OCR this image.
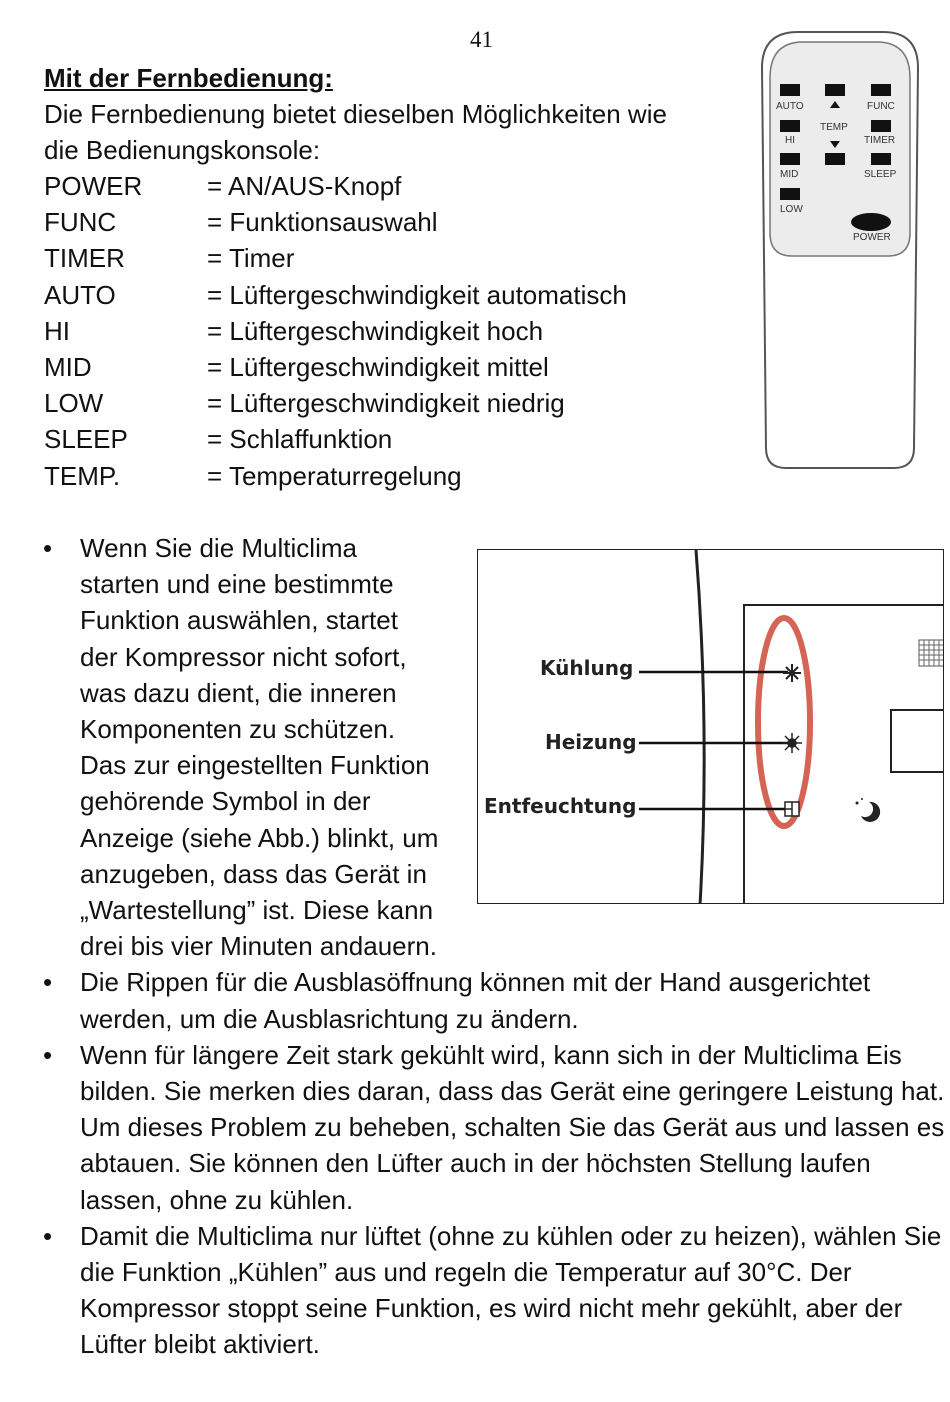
41
Mit der Fernbedienung:
Die Fernbedienung bietet dieselben Möglichkeiten wie
die Bedienungskonsole:
POWER	= AN/AUS-Knopf
FUNC	= Funktionsauswahl
TIMER	= Timer
AUTO	= Lüftergeschwindigkeit automatisch
HI	= Lüftergeschwindigkeit hoch
MID	= Lüftergeschwindigkeit mittel
LOW	= Lüftergeschwindigkeit niedrig
SLEEP	= Schlaffunktion
TEMP.	= Temperaturregelung
AUTO
HI
MID
LOW
TEMP
FUNC
TIMER
SLEEP
POWER
Kühlung
Heizung
Entfeuchtung
• Wenn Sie die Multiclima starten und eine bestimmte Funktion auswählen, startet der Kompressor nicht sofort, was dazu dient, die inneren Komponenten zu schützen. Das zur eingestellten Funktion gehörende Symbol in der Anzeige (siehe Abb.) blinkt, um anzugeben, dass das Gerät in „Wartestellung” ist. Diese kann drei bis vier Minuten andauern.
• Die Rippen für die Ausblasöffnung können mit der Hand ausgerichtet werden, um die Ausblasrichtung zu ändern.
• Wenn für längere Zeit stark gekühlt wird, kann sich in der Multiclima Eis bilden. Sie merken dies daran, dass das Gerät eine geringere Leistung hat. Um dieses Problem zu beheben, schalten Sie das Gerät aus und lassen es abtauen. Sie können den Lüfter auch in der höchsten Stellung laufen lassen, ohne zu kühlen.
• Damit die Multiclima nur lüftet (ohne zu kühlen oder zu heizen), wählen Sie die Funktion „Kühlen” aus und regeln die Temperatur auf 30°C. Der Kompressor stoppt seine Funktion, es wird nicht mehr gekühlt, aber der Lüfter bleibt aktiviert.
